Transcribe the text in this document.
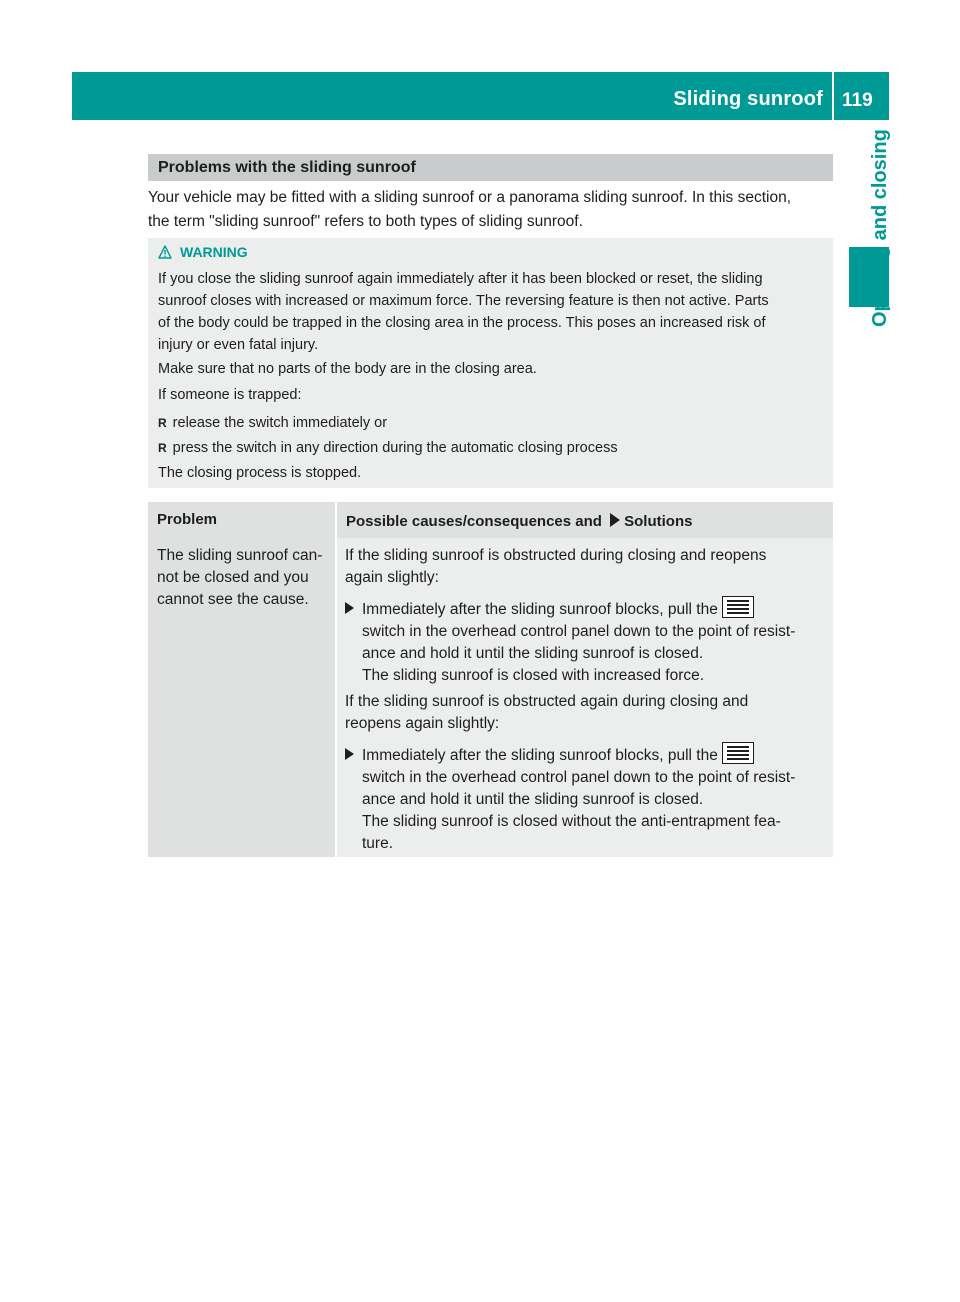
Sliding sunroof 119
Opening and closing
Problems with the sliding sunroof
Your vehicle may be fitted with a sliding sunroof or a panorama sliding sunroof. In this section,
the term "sliding sunroof" refers to both types of sliding sunroof.
WARNING
If you close the sliding sunroof again immediately after it has been blocked or reset, the sliding
sunroof closes with increased or maximum force. The reversing feature is then not active. Parts
of the body could be trapped in the closing area in the process. This poses an increased risk of
injury or even fatal injury.
Make sure that no parts of the body are in the closing area.
If someone is trapped:
R release the switch immediately or
R press the switch in any direction during the automatic closing process
The closing process is stopped.
Problem	Possible causes/consequences and Solutions
The sliding sunroof can-
not be closed and you
cannot see the cause.
If the sliding sunroof is obstructed during closing and reopens
again slightly:
Immediately after the sliding sunroof blocks, pull the
switch in the overhead control panel down to the point of resist-
ance and hold it until the sliding sunroof is closed.
The sliding sunroof is closed with increased force.
If the sliding sunroof is obstructed again during closing and
reopens again slightly:
Immediately after the sliding sunroof blocks, pull the
switch in the overhead control panel down to the point of resist-
ance and hold it until the sliding sunroof is closed.
The sliding sunroof is closed without the anti-entrapment fea-
ture.
